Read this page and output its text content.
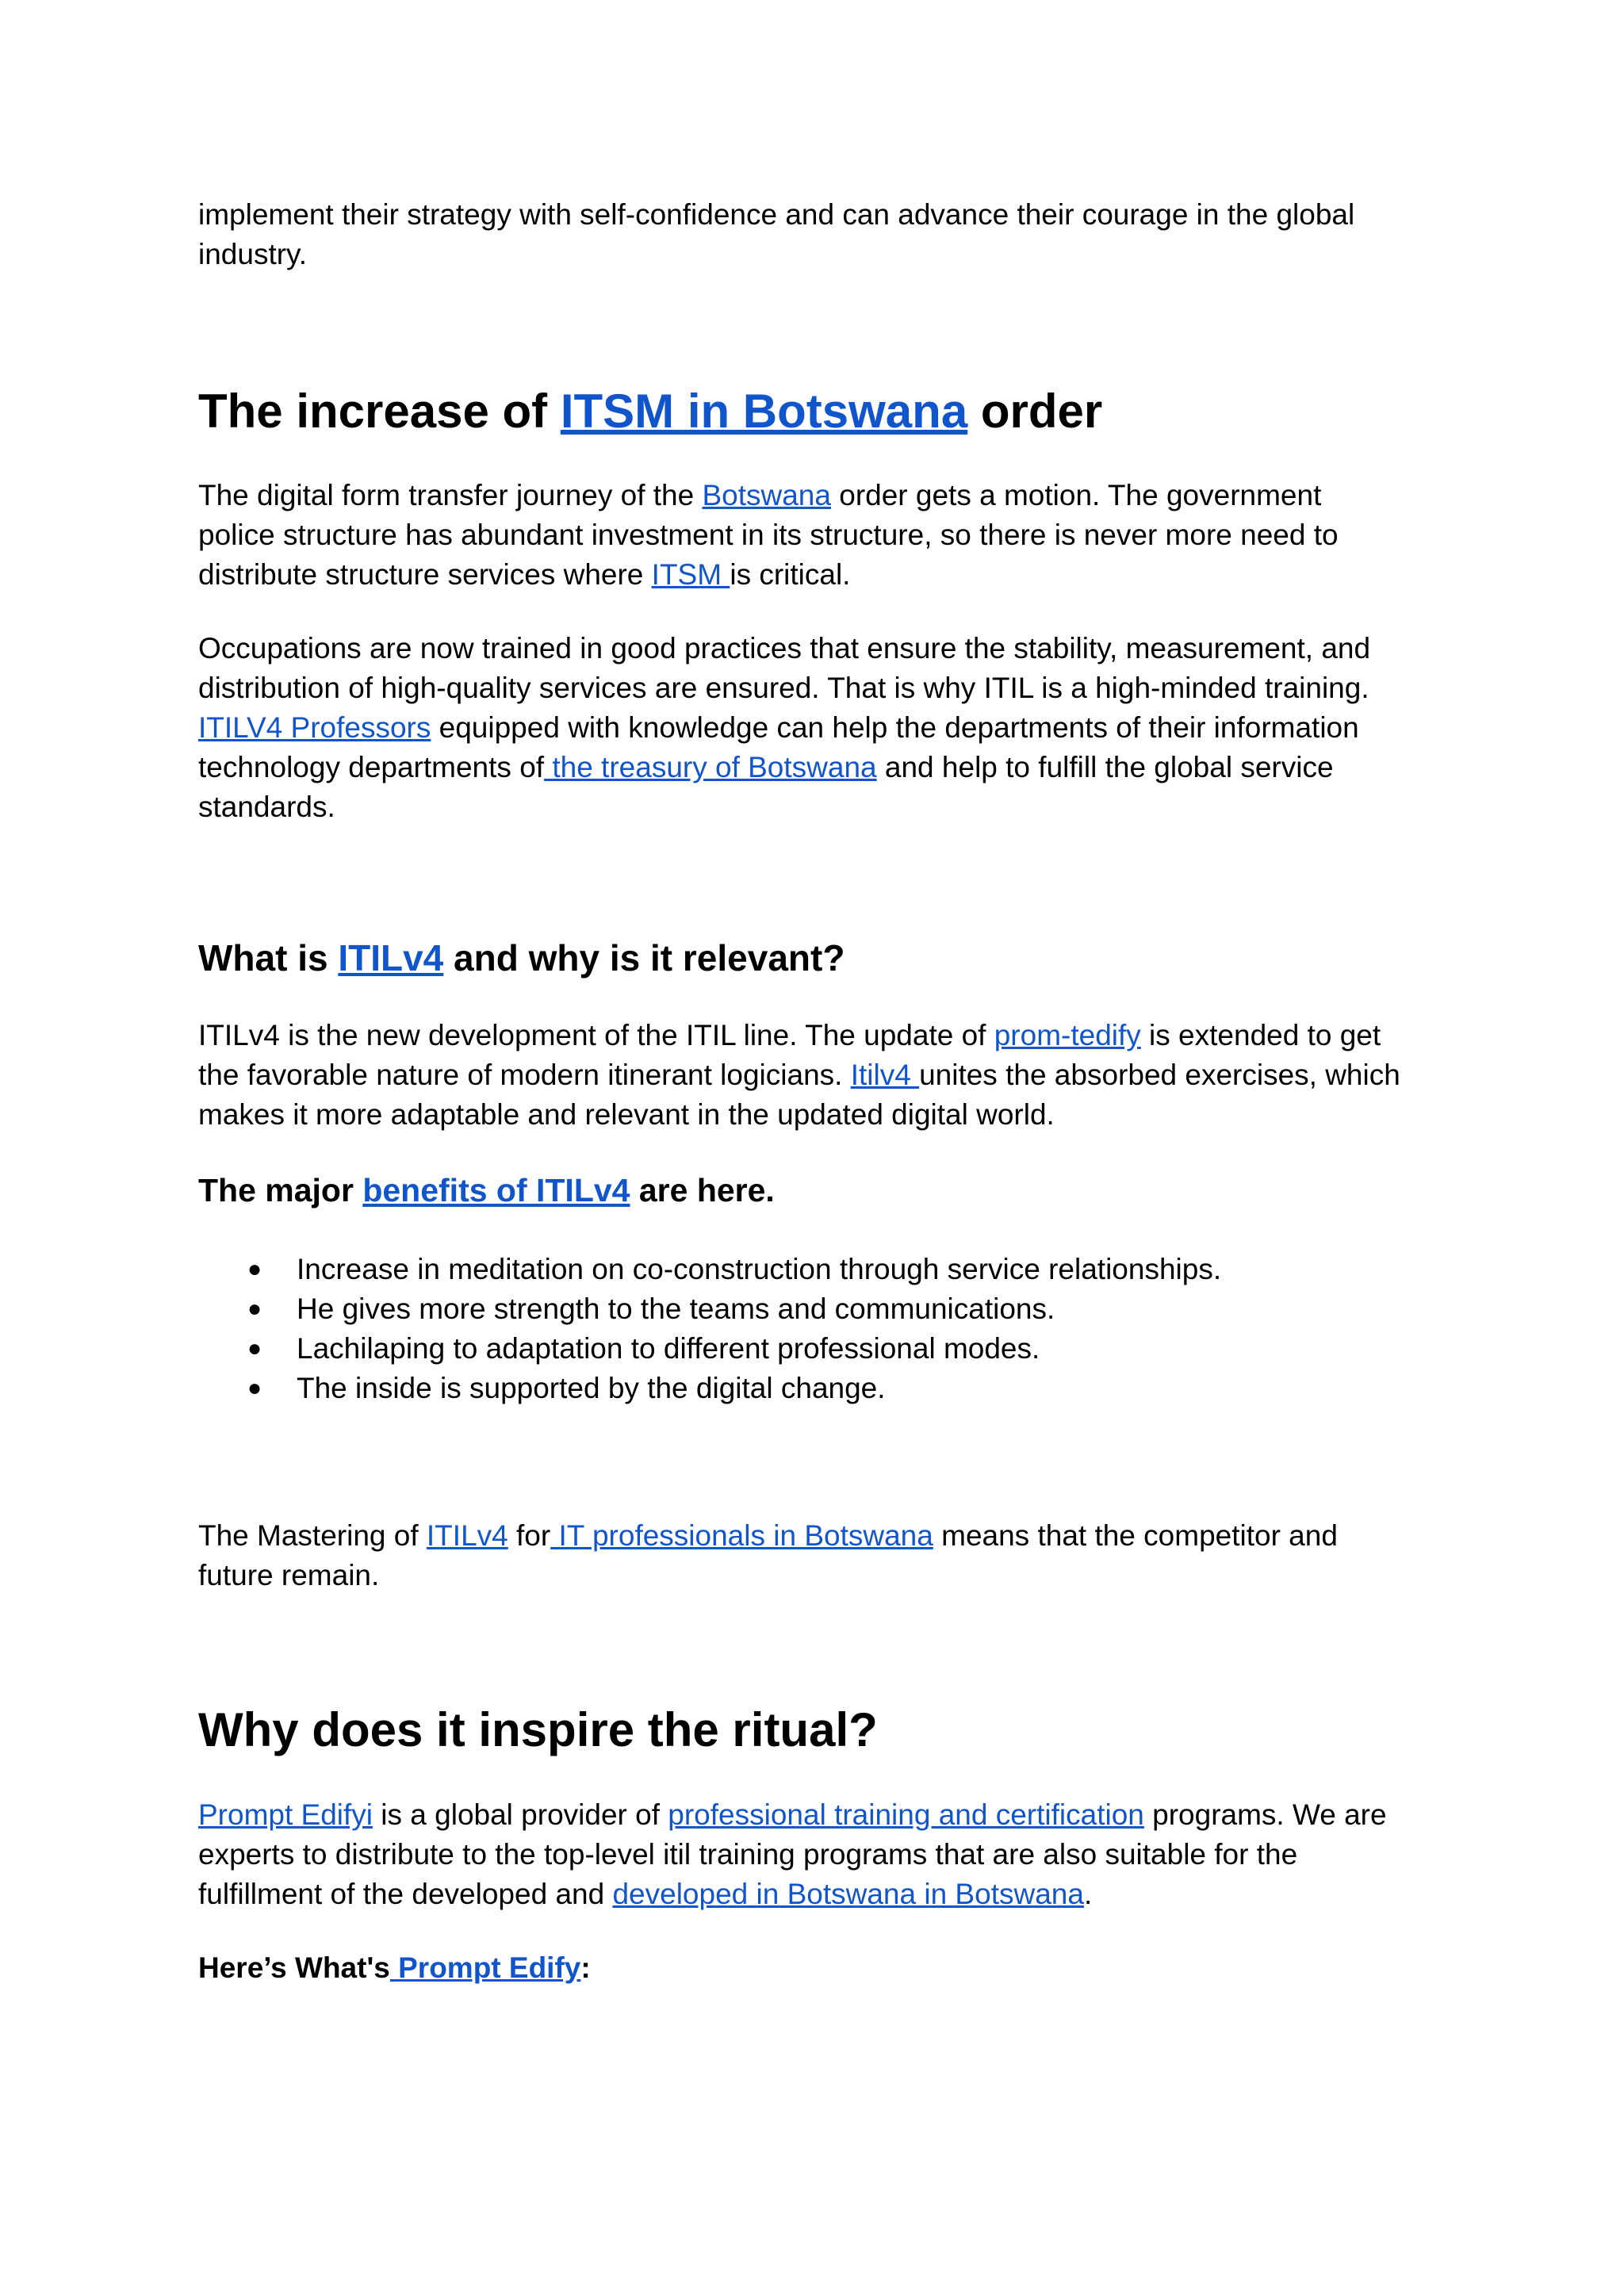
implement their strategy with self-confidence and can advance their courage in the global
industry.
The increase of ITSM in Botswana order
The digital form transfer journey of the Botswana order gets a motion. The government
police structure has abundant investment in its structure, so there is never more need to
distribute structure services where ITSM is critical.
Occupations are now trained in good practices that ensure the stability, measurement, and
distribution of high-quality services are ensured. That is why ITIL is a high-minded training.
ITILV4 Professors equipped with knowledge can help the departments of their information
technology departments of the treasury of Botswana and help to fulfill the global service
standards.
What is ITILv4 and why is it relevant?
ITILv4 is the new development of the ITIL line. The update of prom-tedify is extended to get
the favorable nature of modern itinerant logicians. Itilv4 unites the absorbed exercises, which
makes it more adaptable and relevant in the updated digital world.
The major benefits of ITILv4 are here.
● Increase in meditation on co-construction through service relationships.
● He gives more strength to the teams and communications.
● Lachilaping to adaptation to different professional modes.
● The inside is supported by the digital change.
The Mastering of ITILv4 for IT professionals in Botswana means that the competitor and
future remain.
Why does it inspire the ritual?
Prompt Edifyi is a global provider of professional training and certification programs. We are
experts to distribute to the top-level itil training programs that are also suitable for the
fulfillment of the developed and developed in Botswana in Botswana.
Here’s What's Prompt Edify:
